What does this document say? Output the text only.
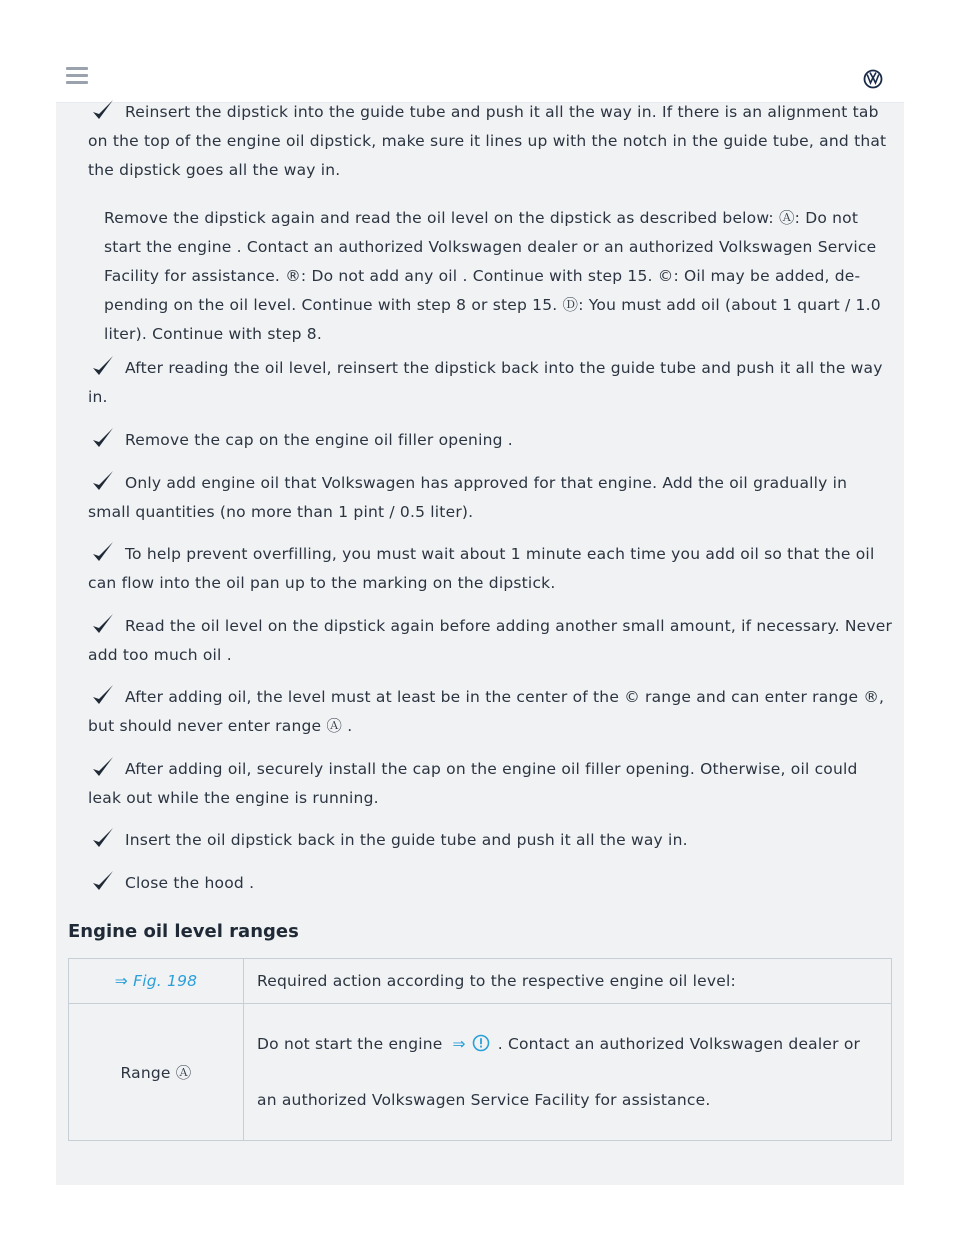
Reinsert the dipstick into the guide tube and push it all the way in. If there is an alignment tab on the top of the engine oil dipstick, make sure it lines up with the notch in the guide tube, and that the dipstick goes all the way in.
Remove the dipstick again and read the oil level on the dipstick as described below: Ⓐ: Do not start the engine . Contact an authorized Volkswagen dealer or an authorized Volkswagen Service Facility for assistance. ®: Do not add any oil . Continue with step 15. ©: Oil may be added, de-pending on the oil level. Continue with step 8 or step 15. Ⓓ: You must add oil (about 1 quart / 1.0 liter). Continue with step 8.
After reading the oil level, reinsert the dipstick back into the guide tube and push it all the way in.
Remove the cap on the engine oil filler opening .
Only add engine oil that Volkswagen has approved for that engine. Add the oil gradually in small quantities (no more than 1 pint / 0.5 liter).
To help prevent overfilling, you must wait about 1 minute each time you add oil so that the oil can flow into the oil pan up to the marking on the dipstick.
Read the oil level on the dipstick again before adding another small amount, if necessary. Never add too much oil .
After adding oil, the level must at least be in the center of the © range and can enter range ®, but should never enter range Ⓐ .
After adding oil, securely install the cap on the engine oil filler opening. Otherwise, oil could leak out while the engine is running.
Insert the oil dipstick back in the guide tube and push it all the way in.
Close the hood .
Engine oil level ranges
⇒ Fig. 198	Required action according to the respective engine oil level:
Range Ⓐ	Do not start the engine ⇒ . Contact an authorized Volkswagen dealer or
an authorized Volkswagen Service Facility for assistance.
